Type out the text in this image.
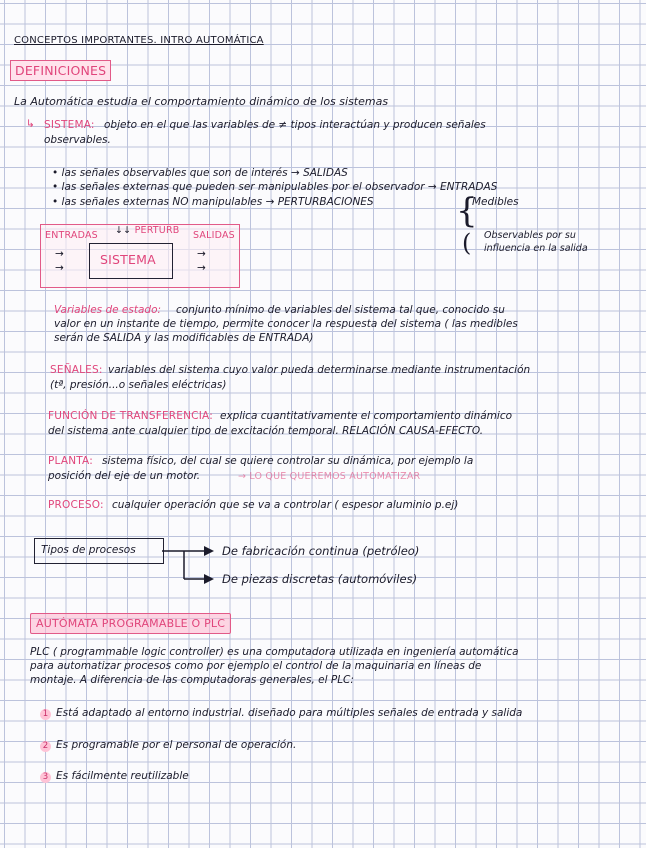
CONCEPTOS IMPORTANTES. INTRO AUTOMÁTICA
DEFINICIONES
La Automática estudia el comportamiento dinámico de los sistemas
↳ SISTEMA: objeto en el que las variables de ≠ tipos interactúan y producen señales
observables.
• las señales observables que son de interés → SALIDAS
• las señales externas que pueden ser manipulables por el observador → ENTRADAS
• las señales externas NO manipulables → PERTURBACIONES {
Medibles
( Observables por su
influencia en la salida
ENTRADAS ↓↓ PERTURB SALIDAS
→
→
SISTEMA	→
→
Variables de estado: conjunto mínimo de variables del sistema tal que, conocido su
valor en un instante de tiempo, permite conocer la respuesta del sistema ( las medibles
serán de SALIDA y las modificables de ENTRADA)
SEÑALES: variables del sistema cuyo valor pueda determinarse mediante instrumentación
(tª, presión...o señales eléctricas)
FUNCIÓN DE TRANSFERENCIA: explica cuantitativamente el comportamiento dinámico
del sistema ante cualquier tipo de excitación temporal. RELACIÓN CAUSA-EFECTO.
PLANTA: sistema físico, del cual se quiere controlar su dinámica, por ejemplo la
posición del eje de un motor.	→ LO QUE QUEREMOS AUTOMATIZAR
PROCESO: cualquier operación que se va a controlar ( espesor aluminio p.ej)
Tipos de procesos	De fabricación continua (petróleo)
De piezas discretas (automóviles)
AUTÓMATA PROGRAMABLE O PLC
PLC ( programmable logic controller) es una computadora utilizada en ingeniería automática
para automatizar procesos como por ejemplo el control de la maquinaria en líneas de
montaje. A diferencia de las computadoras generales, el PLC:
1 Está adaptado al entorno industrial. diseñado para múltiples señales de entrada y salida
2 Es programable por el personal de operación.
3 Es fácilmente reutilizable
